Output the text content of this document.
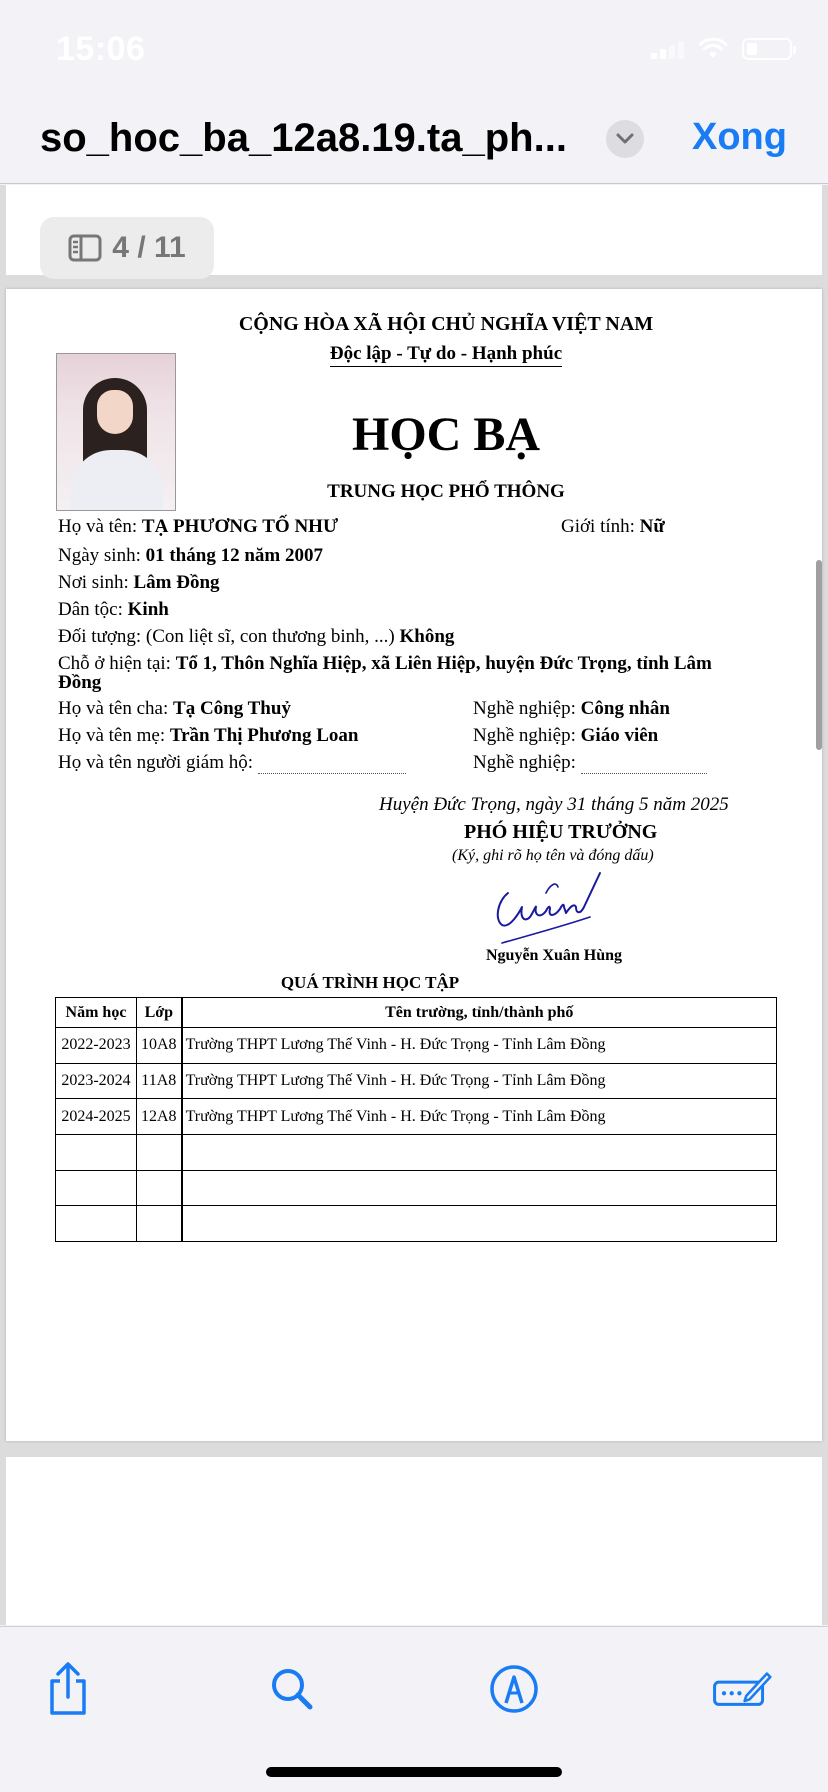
15:06
so_hoc_ba_12a8.19.ta_ph...	Xong
4 / 11
CỘNG HÒA XÃ HỘI CHỦ NGHĨA VIỆT NAM
Độc lập - Tự do - Hạnh phúc
HỌC BẠ
TRUNG HỌC PHỔ THÔNG
Họ và tên: TẠ PHƯƠNG TỐ NHƯ	Giới tính: Nữ
Ngày sinh: 01 tháng 12 năm 2007
Nơi sinh: Lâm Đồng
Dân tộc: Kinh
Đối tượng: (Con liệt sĩ, con thương binh, ...) Không
Chỗ ở hiện tại: Tổ 1, Thôn Nghĩa Hiệp, xã Liên Hiệp, huyện Đức Trọng, tỉnh Lâm
Đồng
Họ và tên cha: Tạ Công Thuỷ	Nghề nghiệp: Công nhân
Họ và tên mẹ: Trần Thị Phương Loan	Nghề nghiệp: Giáo viên
Họ và tên người giám hộ:	Nghề nghiệp:
Huyện Đức Trọng, ngày 31 tháng 5 năm 2025
PHÓ HIỆU TRƯỞNG
(Ký, ghi rõ họ tên và đóng dấu)
Nguyễn Xuân Hùng
QUÁ TRÌNH HỌC TẬP
Năm học	Lớp	Tên trường, tỉnh/thành phố
2022-2023	10A8	Trường THPT Lương Thế Vinh - H. Đức Trọng - Tỉnh Lâm Đồng
2023-2024	11A8	Trường THPT Lương Thế Vinh - H. Đức Trọng - Tỉnh Lâm Đồng
2024-2025	12A8	Trường THPT Lương Thế Vinh - H. Đức Trọng - Tỉnh Lâm Đồng
